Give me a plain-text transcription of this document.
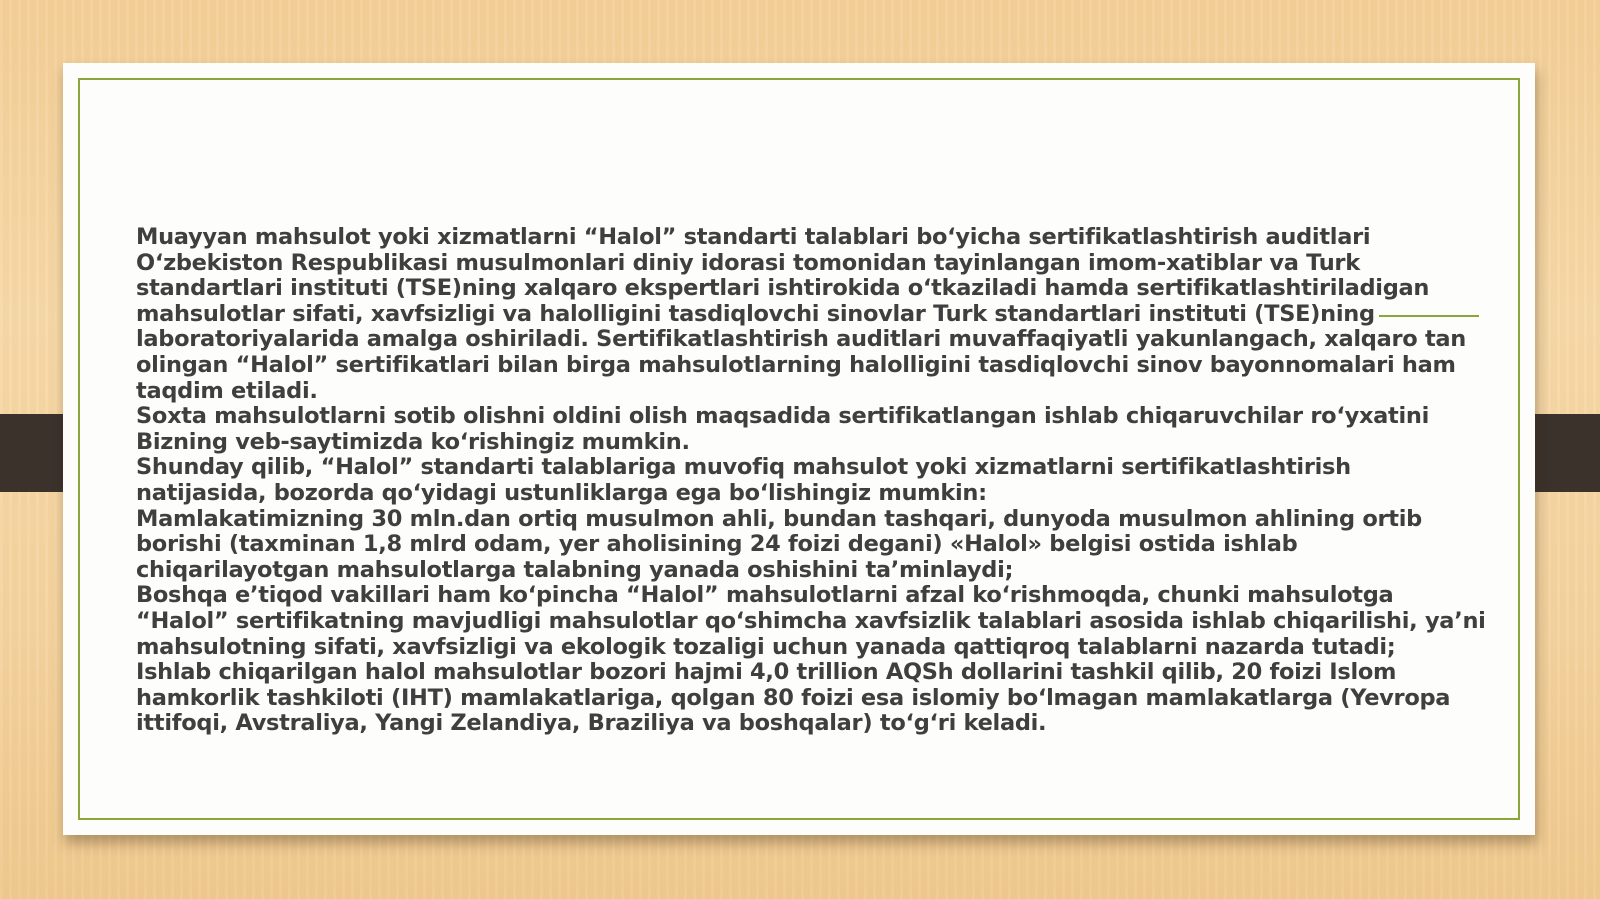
Muayyan mahsulot yoki xizmatlarni “Halol” standarti talablari bo‘yicha sertifikatlashtirish auditlari O‘zbekiston Respublikasi musulmonlari diniy idorasi tomonidan tayinlangan imom-xatiblar va Turk standartlari instituti (TSE)ning xalqaro ekspertlari ishtirokida o‘tkaziladi hamda sertifikatlashtiriladigan mahsulotlar sifati, xavfsizligi va halolligini tasdiqlovchi sinovlar Turk standartlari instituti (TSE)ning laboratoriyalarida amalga oshiriladi. Sertifikatlashtirish auditlari muvaffaqiyatli yakunlangach, xalqaro tan olingan “Halol” sertifikatlari bilan birga mahsulotlarning halolligini tasdiqlovchi sinov bayonnomalari ham taqdim etiladi.

Soxta mahsulotlarni sotib olishni oldini olish maqsadida sertifikatlangan ishlab chiqaruvchilar ro‘yxatini Bizning veb-saytimizda ko‘rishingiz mumkin.

Shunday qilib, “Halol” standarti talablariga muvofiq mahsulot yoki xizmatlarni sertifikatlashtirish natijasida, bozorda qo‘yidagi ustunliklarga ega bo‘lishingiz mumkin:

Mamlakatimizning 30 mln.dan ortiq musulmon ahli, bundan tashqari, dunyoda musulmon ahlining ortib borishi (taxminan 1,8 mlrd odam, yer aholisining 24 foizi degani) «Halol» belgisi ostida ishlab chiqarilayotgan mahsulotlarga talabning yanada oshishini ta’minlaydi;

Boshqa e’tiqod vakillari ham ko‘pincha “Halol” mahsulotlarni afzal ko‘rishmoqda, chunki mahsulotga “Halol” sertifikatning mavjudligi mahsulotlar qo‘shimcha xavfsizlik talablari asosida ishlab chiqarilishi, ya’ni mahsulotning sifati, xavfsizligi va ekologik tozaligi uchun yanada qattiqroq talablarni nazarda tutadi;

Ishlab chiqarilgan halol mahsulotlar bozori hajmi 4,0 trillion AQSh dollarini tashkil qilib, 20 foizi Islom hamkorlik tashkiloti (IHT) mamlakatlariga, qolgan 80 foizi esa islomiy bo‘lmagan mamlakatlarga (Yevropa ittifoqi, Avstraliya, Yangi Zelandiya, Braziliya va boshqalar) to‘g‘ri keladi.
